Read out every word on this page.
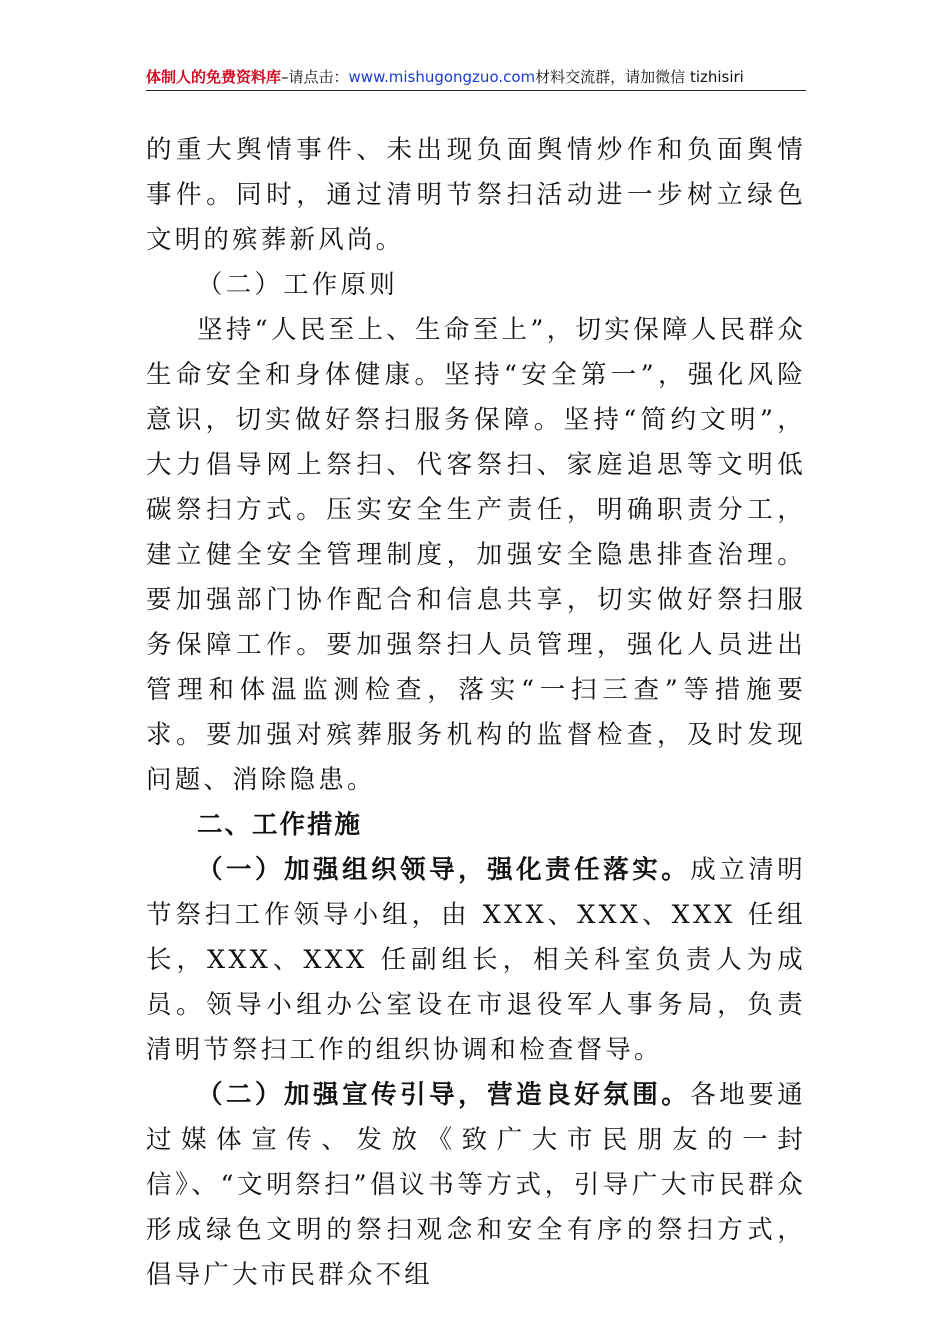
体制人的免费资料库–请点击：www.mishugongzuo.com材料交流群，请加微信 tizhisiri

的重大舆情事件、未出现负面舆情炒作和负面舆情事件。同时，通过清明节祭扫活动进一步树立绿色文明的殡葬新风尚。

（二）工作原则

坚持“人民至上、生命至上”，切实保障人民群众生命安全和身体健康。坚持“安全第一”，强化风险意识，切实做好祭扫服务保障。坚持“简约文明”，大力倡导网上祭扫、代客祭扫、家庭追思等文明低碳祭扫方式。压实安全生产责任，明确职责分工，建立健全安全管理制度，加强安全隐患排查治理。要加强部门协作配合和信息共享，切实做好祭扫服务保障工作。要加强祭扫人员管理，强化人员进出管理和体温监测检查，落实“一扫三查”等措施要求。要加强对殡葬服务机构的监督检查，及时发现问题、消除隐患。

二、工作措施

（一）加强组织领导，强化责任落实。成立清明节祭扫工作领导小组，由 XXX、XXX、XXX 任组长，XXX、XXX 任副组长，相关科室负责人为成员。领导小组办公室设在市退役军人事务局，负责清明节祭扫工作的组织协调和检查督导。

（二）加强宣传引导，营造良好氛围。各地要通过媒体宣传、发放《致广大市民朋友的一封信》、“文明祭扫”倡议书等方式，引导广大市民群众形成绿色文明的祭扫观念和安全有序的祭扫方式，倡导广大市民群众不组
